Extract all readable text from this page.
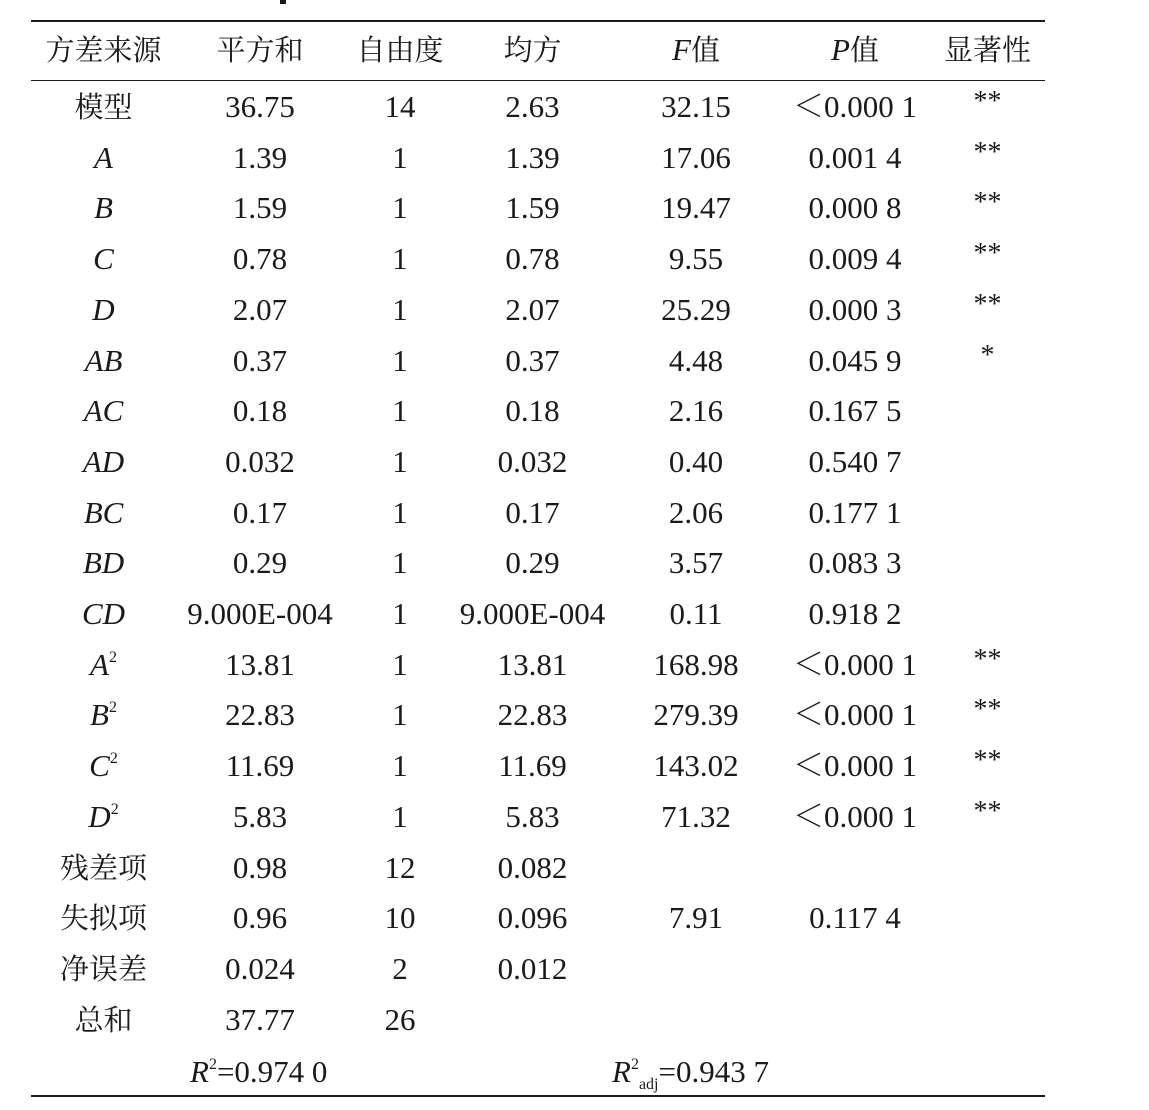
方差来源	平方和	自由度	均方	F值	P值	显著性
模型	36.75	14	2.63	32.15	＜0.000 1	**
A	1.39	1	1.39	17.06	0.001 4	**
B	1.59	1	1.59	19.47	0.000 8	**
C	0.78	1	0.78	9.55	0.009 4	**
D	2.07	1	2.07	25.29	0.000 3	**
AB	0.37	1	0.37	4.48	0.045 9	*
AC	0.18	1	0.18	2.16	0.167 5
AD	0.032	1	0.032	0.40	0.540 7
BC	0.17	1	0.17	2.06	0.177 1
BD	0.29	1	0.29	3.57	0.083 3
CD	9.000E-004	1	9.000E-004	0.11	0.918 2
$A^2$	13.81	1	13.81	168.98	＜0.000 1	**
$B^2$	22.83	1	22.83	279.39	＜0.000 1	**
$C^2$	11.69	1	11.69	143.02	＜0.000 1	**
$D^2$	5.83	1	5.83	71.32	＜0.000 1	**
残差项	0.98	12	0.082
失拟项	0.96	10	0.096	7.91	0.117 4
净误差	0.024	2	0.012
总和	37.77	26
$R^2=0.974$ 0	$R^2_{adj}=0.943$ 7
